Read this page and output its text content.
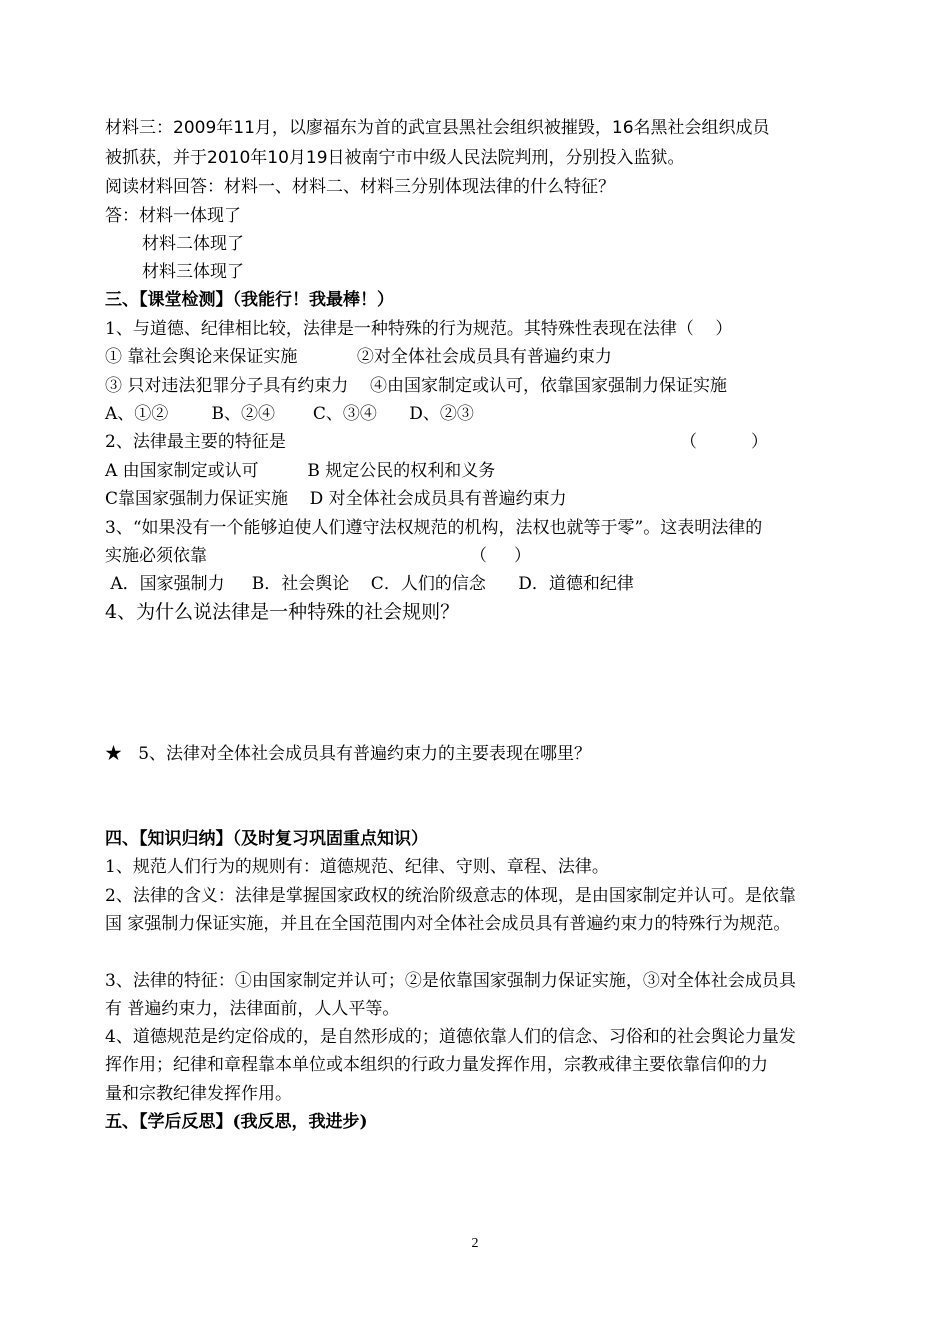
材料三：2009年11月，以廖福东为首的武宣县黑社会组织被摧毁，16名黑社会组织成员
被抓获，并于2010年10月19日被南宁市中级人民法院判刑，分别投入监狱。
阅读材料回答：材料一、材料二、材料三分别体现法律的什么特征？
答：材料一体现了
材料二体现了
材料三体现了
三、【课堂检测】（我能行！我最棒！）
1、与道德、纪律相比较，法律是一种特殊的行为规范。其特殊性表现在法律（    ）
① 靠社会舆论来保证实施           ②对全体社会成员具有普遍约束力
③ 只对违法犯罪分子具有约束力    ④由国家制定或认可，依靠国家强制力保证实施
A、①②        B、②④       C、③④      D、②③
2、法律最主要的特征是	（          ）
A 由国家制定或认可         B 规定公民的权利和义务
C靠国家强制力保证实施    D 对全体社会成员具有普遍约束力
3、“如果没有一个能够迫使人们遵守法权规范的机构，法权也就等于零”。这表明法律的
实施必须依靠	（     ）
A．国家强制力     B．社会舆论    C．人们的信念      D．道德和纪律
4、为什么说法律是一种特殊的社会规则？
★   5、法律对全体社会成员具有普遍约束力的主要表现在哪里？
四、【知识归纳】（及时复习巩固重点知识）
1、规范人们行为的规则有：道德规范、纪律、守则、章程、法律。
2、法律的含义：法律是掌握国家政权的统治阶级意志的体现，是由国家制定并认可。是依靠
国 家强制力保证实施，并且在全国范围内对全体社会成员具有普遍约束力的特殊行为规范。
3、法律的特征：①由国家制定并认可；②是依靠国家强制力保证实施，③对全体社会成员具
有 普遍约束力，法律面前，人人平等。
4、道德规范是约定俗成的，是自然形成的；道德依靠人们的信念、习俗和的社会舆论力量发
挥作用；纪律和章程靠本单位或本组织的行政力量发挥作用，宗教戒律主要依靠信仰的力
量和宗教纪律发挥作用。
五、【学后反思】(我反思，我进步)
2
